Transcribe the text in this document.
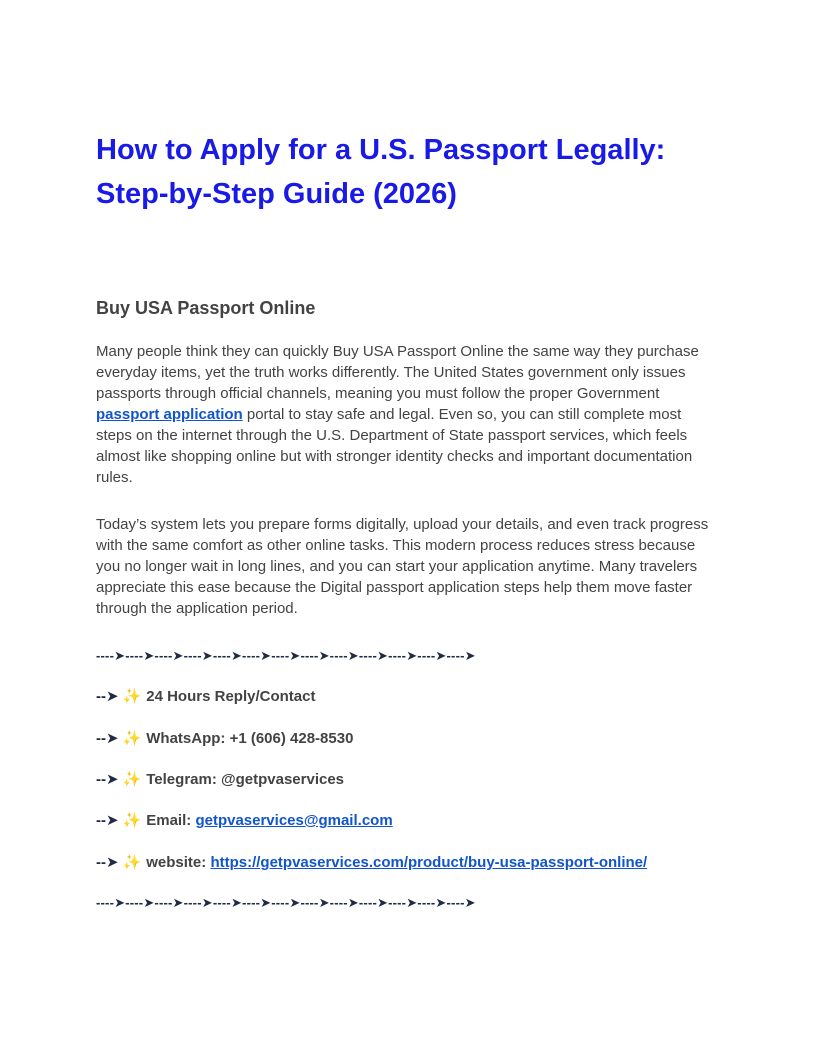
How to Apply for a U.S. Passport Legally: Step-by-Step Guide (2026)
Buy USA Passport Online

Many people think they can quickly Buy USA Passport Online the same way they purchase everyday items, yet the truth works differently. The United States government only issues passports through official channels, meaning you must follow the proper Government passport application portal to stay safe and legal. Even so, you can still complete most steps on the internet through the U.S. Department of State passport services, which feels almost like shopping online but with stronger identity checks and important documentation rules.

Today’s system lets you prepare forms digitally, upload your details, and even track progress with the same comfort as other online tasks. This modern process reduces stress because you no longer wait in long lines, and you can start your application anytime. Many travelers appreciate this ease because the Digital passport application steps help them move faster through the application period.

----➤----➤----➤----➤----➤----➤----➤----➤----➤----➤----➤----➤----➤
--➤ ✨ 24 Hours Reply/Contact
--➤ ✨ WhatsApp: +1 (606) 428-8530
--➤ ✨ Telegram: @getpvaservices
--➤ ✨ Email: getpvaservices@gmail.com
--➤ ✨ website: https://getpvaservices.com/product/buy-usa-passport-online/
----➤----➤----➤----➤----➤----➤----➤----➤----➤----➤----➤----➤----➤
